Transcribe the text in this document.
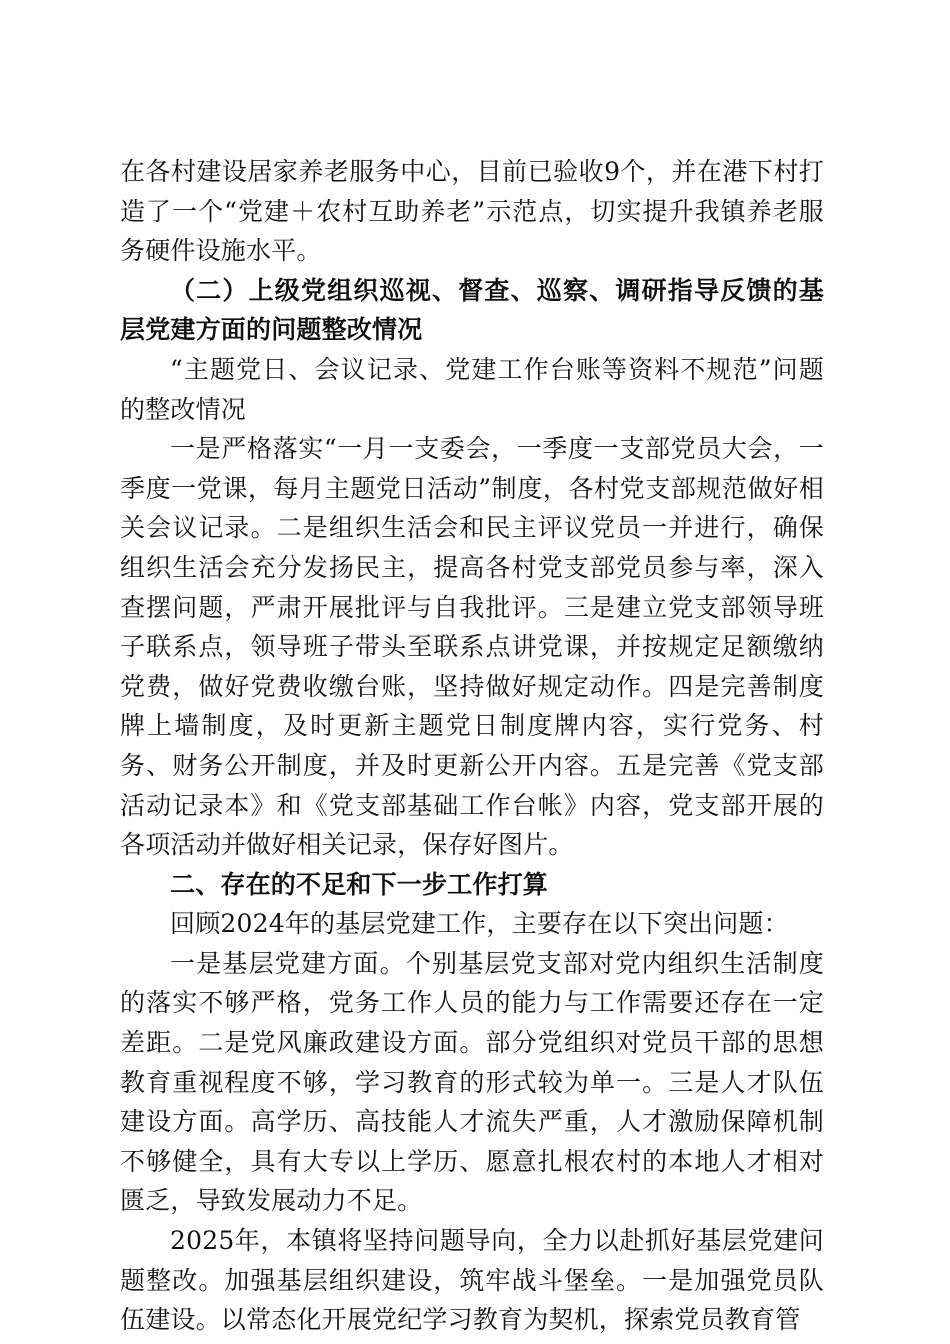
在各村建设居家养老服务中心，目前已验收9个，并在港下村打造了一个“党建＋农村互助养老”示范点，切实提升我镇养老服务硬件设施水平。

（二）上级党组织巡视、督查、巡察、调研指导反馈的基层党建方面的问题整改情况

“主题党日、会议记录、党建工作台账等资料不规范”问题的整改情况

一是严格落实“一月一支委会，一季度一支部党员大会，一季度一党课，每月主题党日活动”制度，各村党支部规范做好相关会议记录。二是组织生活会和民主评议党员一并进行，确保组织生活会充分发扬民主，提高各村党支部党员参与率，深入查摆问题，严肃开展批评与自我批评。三是建立党支部领导班子联系点，领导班子带头至联系点讲党课，并按规定足额缴纳党费，做好党费收缴台账，坚持做好规定动作。四是完善制度牌上墙制度，及时更新主题党日制度牌内容，实行党务、村务、财务公开制度，并及时更新公开内容。五是完善《党支部活动记录本》和《党支部基础工作台帐》内容，党支部开展的各项活动并做好相关记录，保存好图片。

二、存在的不足和下一步工作打算

回顾2024年的基层党建工作，主要存在以下突出问题：

一是基层党建方面。个别基层党支部对党内组织生活制度的落实不够严格，党务工作人员的能力与工作需要还存在一定差距。二是党风廉政建设方面。部分党组织对党员干部的思想教育重视程度不够，学习教育的形式较为单一。三是人才队伍建设方面。高学历、高技能人才流失严重，人才激励保障机制不够健全，具有大专以上学历、愿意扎根农村的本地人才相对匮乏，导致发展动力不足。

2025年，本镇将坚持问题导向，全力以赴抓好基层党建问题整改。加强基层组织建设，筑牢战斗堡垒。一是加强党员队伍建设。以常态化开展党纪学习教育为契机，探索党员教育管
